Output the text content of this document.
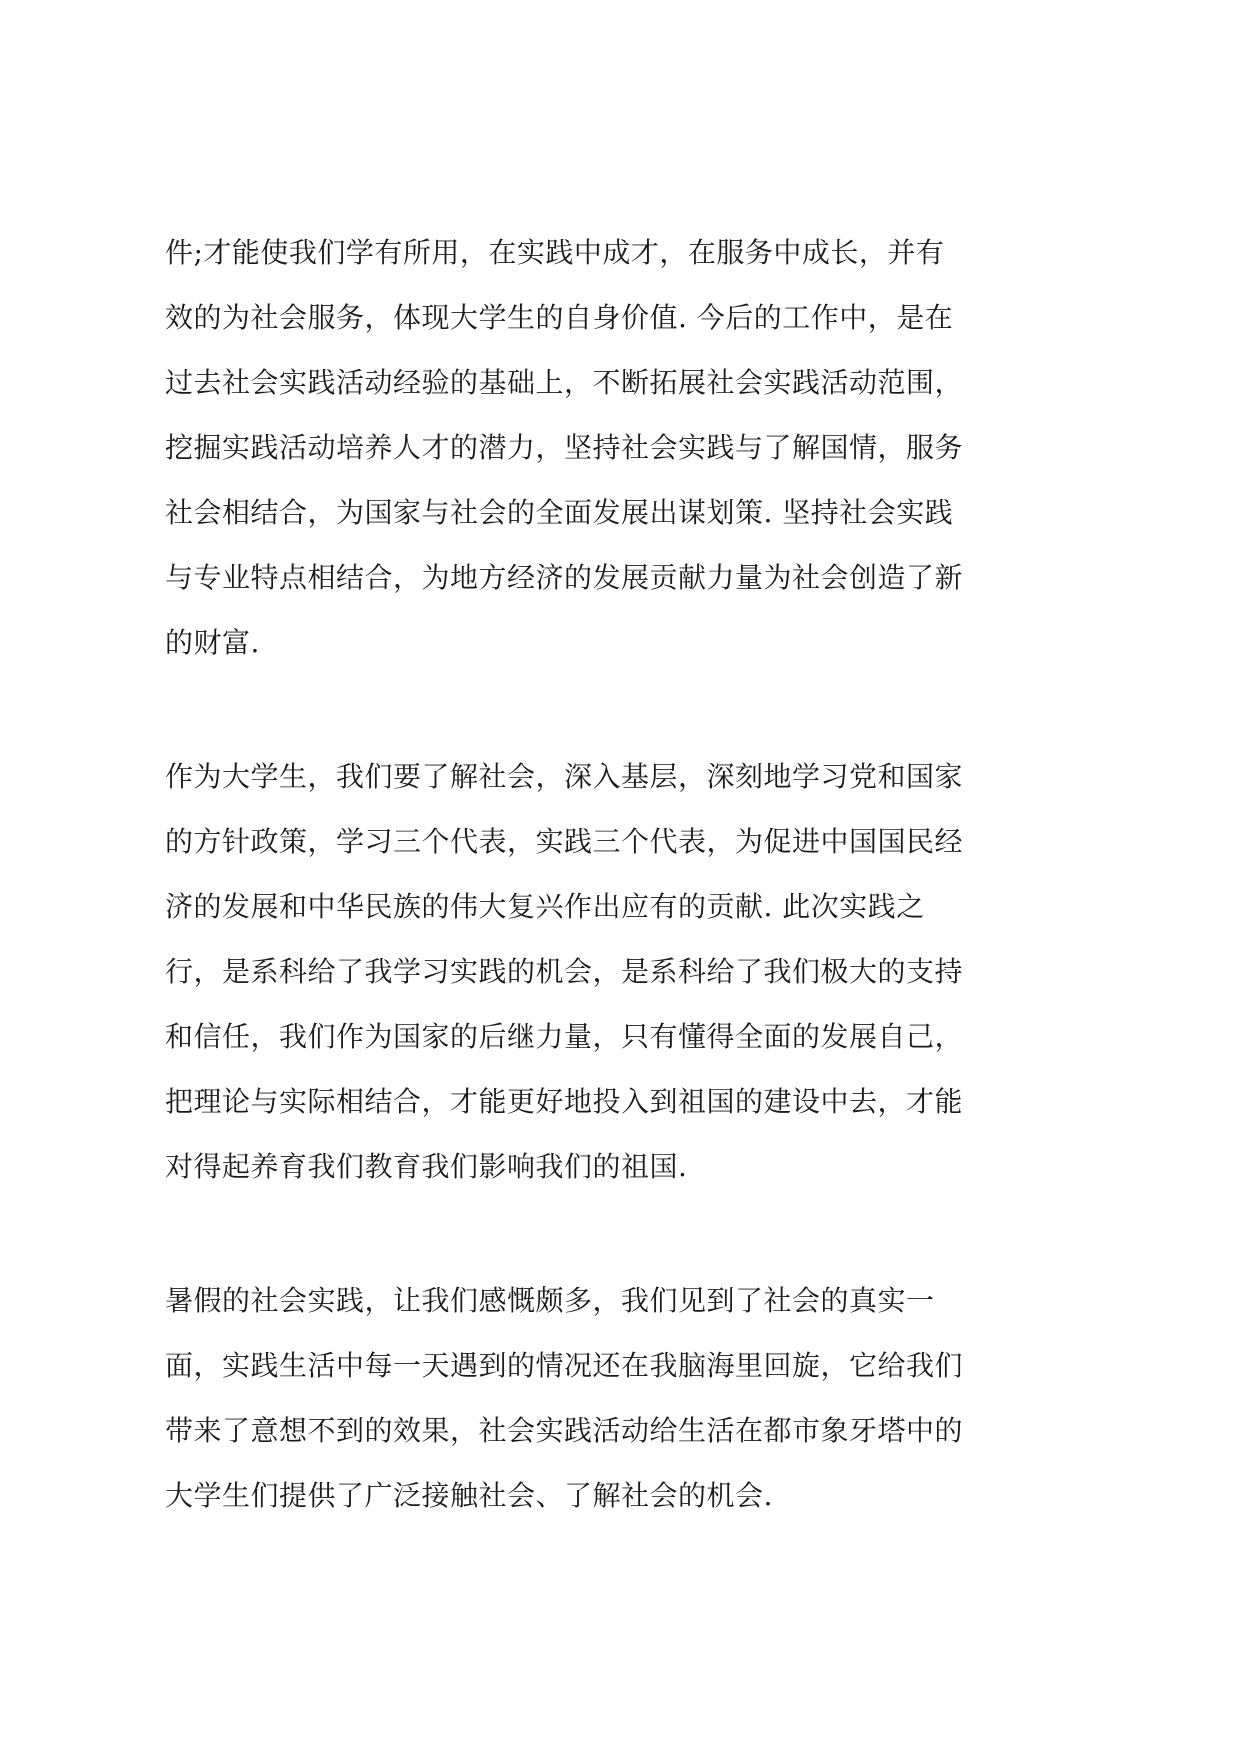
件;才能使我们学有所用，在实践中成才，在服务中成长，并有
效的为社会服务，体现大学生的自身价值. 今后的工作中，是在
过去社会实践活动经验的基础上，不断拓展社会实践活动范围，
挖掘实践活动培养人才的潜力，坚持社会实践与了解国情，服务
社会相结合，为国家与社会的全面发展出谋划策. 坚持社会实践
与专业特点相结合，为地方经济的发展贡献力量为社会创造了新
的财富.

作为大学生，我们要了解社会，深入基层，深刻地学习党和国家
的方针政策，学习三个代表，实践三个代表，为促进中国国民经
济的发展和中华民族的伟大复兴作出应有的贡献. 此次实践之
行，是系科给了我学习实践的机会，是系科给了我们极大的支持
和信任，我们作为国家的后继力量，只有懂得全面的发展自己，
把理论与实际相结合，才能更好地投入到祖国的建设中去，才能
对得起养育我们教育我们影响我们的祖国.

暑假的社会实践，让我们感慨颇多，我们见到了社会的真实一
面，实践生活中每一天遇到的情况还在我脑海里回旋，它给我们
带来了意想不到的效果，社会实践活动给生活在都市象牙塔中的
大学生们提供了广泛接触社会、了解社会的机会.
